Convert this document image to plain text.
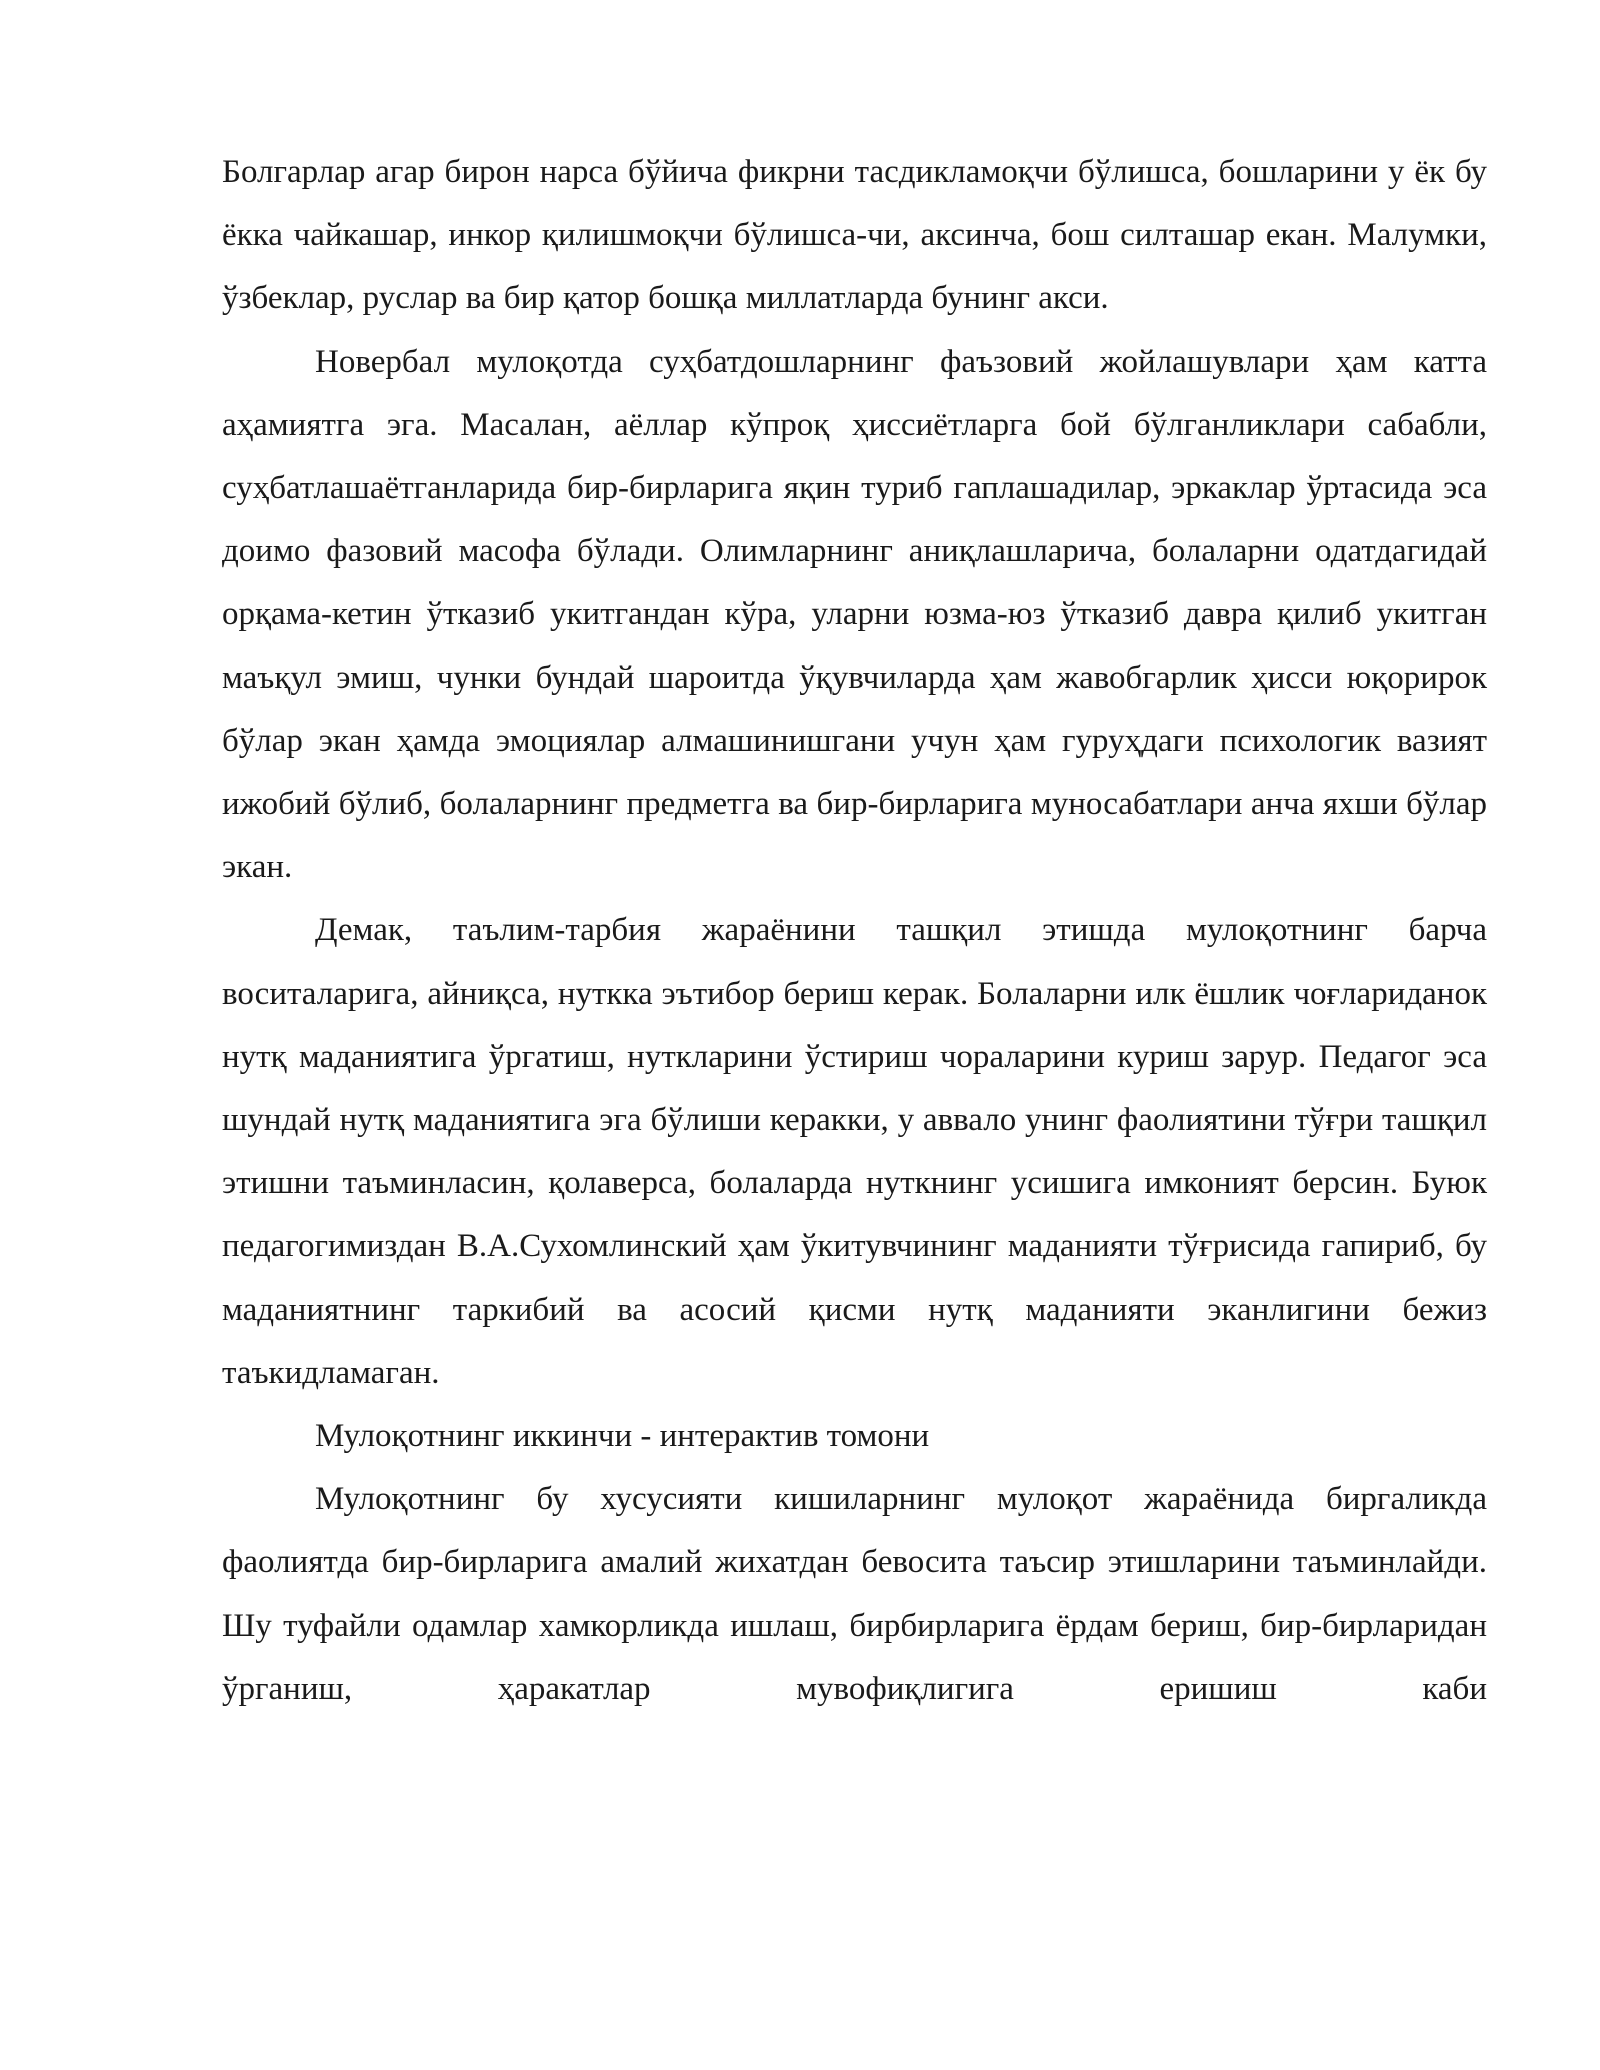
Болгарлар агар бирон нарса бўйича фикрни тасдикламоқчи бўлишса, бошларини у ёк бу ёкка чайкашар, инкор қилишмоқчи бўлишса-чи, аксинча, бош силташар екан. Малумки, ўзбеклар, руслар ва бир қатор бошқа миллатларда бунинг акси.

Новербал мулоқотда суҳбатдошларнинг фаъзовий жойлашувлари ҳам катта аҳамиятга эга. Масалан, аёллар кўпроқ ҳиссиётларга бой бўлганликлари сабабли, суҳбатлашаётганларида бир-бирларига яқин туриб гаплашадилар, эркаклар ўртасида эса доимо фазовий масофа бўлади. Олимларнинг аниқлашларича, болаларни одатдагидай орқама-кетин ўтказиб укитгандан кўра, уларни юзма-юз ўтказиб давра қилиб укитган маъқул эмиш, чунки бундай шароитда ўқувчиларда ҳам жавобгарлик ҳисси юқорирок бўлар экан ҳамда эмоциялар алмашинишгани учун ҳам гуруҳдаги психологик вазият ижобий бўлиб, болаларнинг предметга ва бир-бирларига муносабатлари анча яхши бўлар экан.

Демак, таълим-тарбия жараёнини ташқил этишда мулоқотнинг барча воситаларига, айниқса, нуткка эътибор бериш керак. Болаларни илк ёшлик чоғлариданок нутқ маданиятига ўргатиш, нуткларини ўстириш чораларини куриш зарур. Педагог эса шундай нутқ маданиятига эга бўлиши керакки, у аввало унинг фаолиятини тўғри ташқил этишни таъминласин, қолаверса, болаларда нуткнинг усишига имконият берсин. Буюк педагогимиздан В.А.Сухомлинский ҳам ўкитувчининг маданияти тўғрисида гапириб, бу маданиятнинг таркибий ва асосий қисми нутқ маданияти эканлигини бежиз таъкидламаган.

Мулоқотнинг иккинчи - интерактив томони

Мулоқотнинг бу хусусияти кишиларнинг мулоқот жараёнида биргаликда фаолиятда бир-бирларига амалий жихатдан бевосита таъсир этишларини таъминлайди. Шу туфайли одамлар хамкорликда ишлаш, бирбирларига ёрдам бериш, бир-бирларидан ўрганиш, ҳаракатлар мувофиқлигига еришиш каби
